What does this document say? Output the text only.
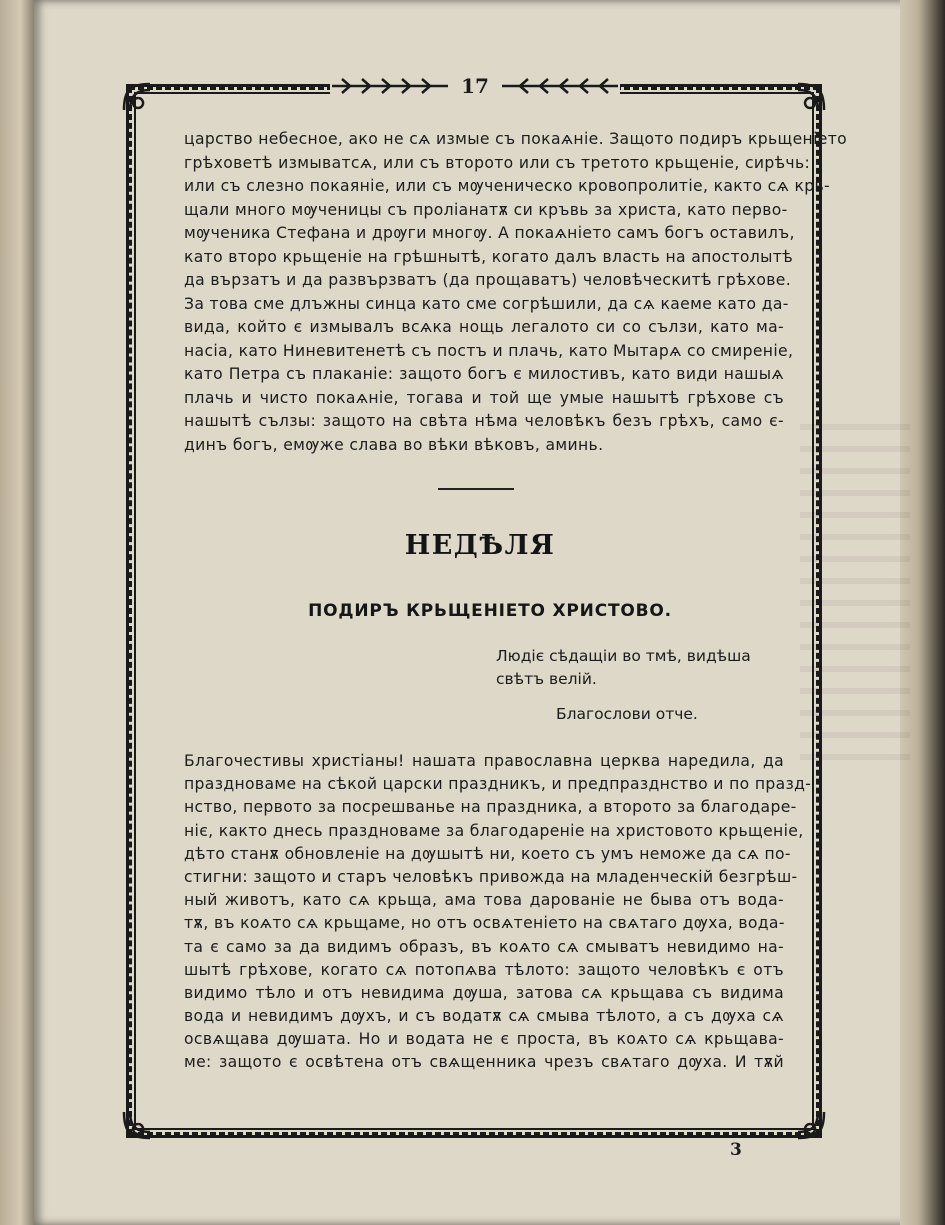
17
царство небесное, ако не сѧ измые съ покаѧніе. Защото подиръ крьщеніето
грѣховетѣ измыватсѧ, или съ второто или съ третото крьщеніе, сирѣчь:
или съ слезно покаяніе, или съ мѹченическо кровопролитіе, както сѧ крь-
щали много мѹченицы съ проліанатѫ си кръвь за христа, като перво-
мѹченика Стефана и дрѹги многѹ. А покаѧніето самъ богъ оставилъ,
като второ крьщеніе на грѣшнытѣ, когато далъ власть на апостолытѣ
да вързатъ и да развързватъ (да прощаватъ) человѣческитѣ грѣхове.
За това сме длъжны синца като сме согрѣшили, да сѧ каеме като да-
вида, който є измывалъ всѧка нощь легалото си со сълзи, като ма-
насіа, като Ниневитенетѣ съ постъ и плачь, като Мытарѧ со смиреніе,
като Петра съ плаканіе: защото богъ є милостивъ, като види нашыѧ
плачь и чисто покаѧніе, тогава и той ще умые нашытѣ грѣхове съ
нашытѣ сълзы: защото на свѣта нѣма человѣкъ безъ грѣхъ, само є-
динъ богъ, емѹже слава во вѣки вѣковъ, аминь.
НЕДѢЛЯ
ПОДИРЪ КРЬЩЕНІЕТО ХРИСТОВО.
Людіє сѣдащіи во тмѣ, видѣша
свѣтъ велій.
Благослови отче.
Благочестивы христіаны! нашата православна церква наредила, да
праздноваме на сѣкой царски праздникъ, и предпразднство и по празд-
нство, первото за посрешванье на праздника, а второто за благодаре-
ніє, както днесь праздноваме за благодареніе на христовото крьщеніе,
дѣто станѫ обновленіе на дѹшытѣ ни, което съ умъ неможе да сѧ по-
стигни: защото и старъ человѣкъ привожда на младенческій безгрѣш-
ный животъ, като сѧ крьща, ама това дарованіе не быва отъ вода-
тѫ, въ коѧто сѧ крьщаме, но отъ освѧтеніето на свѧтаго дѹха, вода-
та є само за да видимъ образъ, въ коѧто сѧ смыватъ невидимо на-
шытѣ грѣхове, когато сѧ потопѧва тѣлото: защото человѣкъ є отъ
видимо тѣло и отъ невидима дѹша, затова сѧ крьщава съ видима
вода и невидимъ дѹхъ, и съ водатѫ сѧ смыва тѣлото, а съ дѹха сѧ
освѧщава дѹшата. Но и водата не є проста, въ коѧто сѧ крьщава-
ме: защото є освѣтена отъ свѧщенника чрезъ свѧтаго дѹха. И тѫй
3
